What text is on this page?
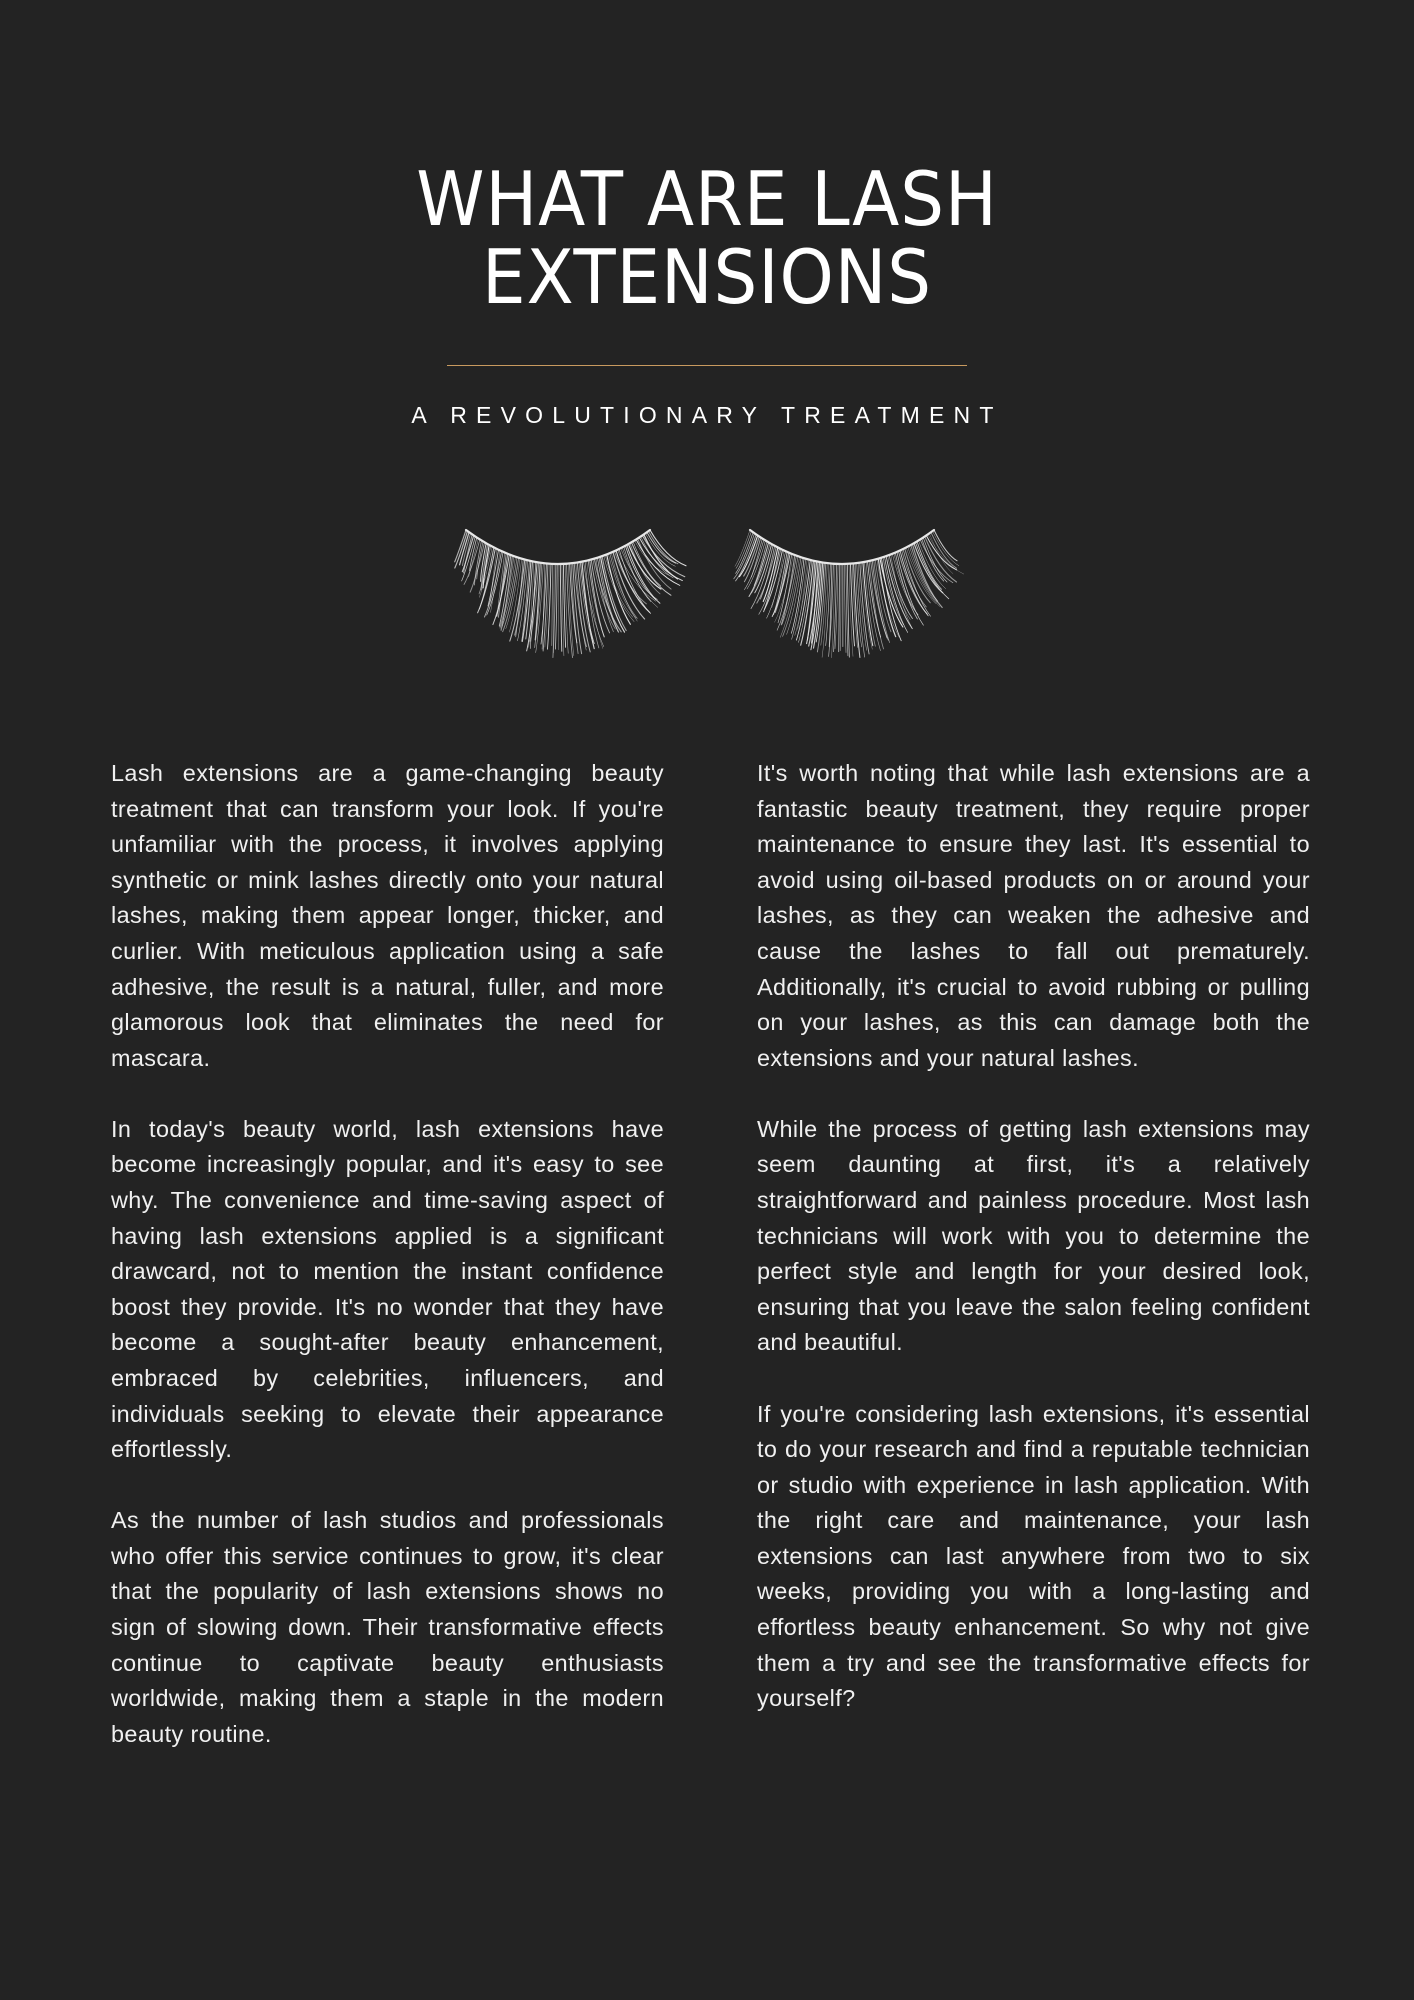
WHAT ARE LASH
EXTENSIONS

A REVOLUTIONARY TREATMENT

Lash extensions are a game-changing beauty treatment that can transform your look. If you're unfamiliar with the process, it involves applying synthetic or mink lashes directly onto your natural lashes, making them appear longer, thicker, and curlier. With meticulous application using a safe adhesive, the result is a natural, fuller, and more glamorous look that eliminates the need for mascara.

In today's beauty world, lash extensions have become increasingly popular, and it's easy to see why. The convenience and time-saving aspect of having lash extensions applied is a significant drawcard, not to mention the instant confidence boost they provide. It's no wonder that they have become a sought-after beauty enhancement, embraced by celebrities, influencers, and individuals seeking to elevate their appearance effortlessly.

As the number of lash studios and professionals who offer this service continues to grow, it's clear that the popularity of lash extensions shows no sign of slowing down. Their transformative effects continue to captivate beauty enthusiasts worldwide, making them a staple in the modern beauty routine.

It's worth noting that while lash extensions are a fantastic beauty treatment, they require proper maintenance to ensure they last. It's essential to avoid using oil-based products on or around your lashes, as they can weaken the adhesive and cause the lashes to fall out prematurely. Additionally, it's crucial to avoid rubbing or pulling on your lashes, as this can damage both the extensions and your natural lashes.

While the process of getting lash extensions may seem daunting at first, it's a relatively straightforward and painless procedure. Most lash technicians will work with you to determine the perfect style and length for your desired look, ensuring that you leave the salon feeling confident and beautiful.

If you're considering lash extensions, it's essential to do your research and find a reputable technician or studio with experience in lash application. With the right care and maintenance, your lash extensions can last anywhere from two to six weeks, providing you with a long-lasting and effortless beauty enhancement. So why not give them a try and see the transformative effects for yourself?
